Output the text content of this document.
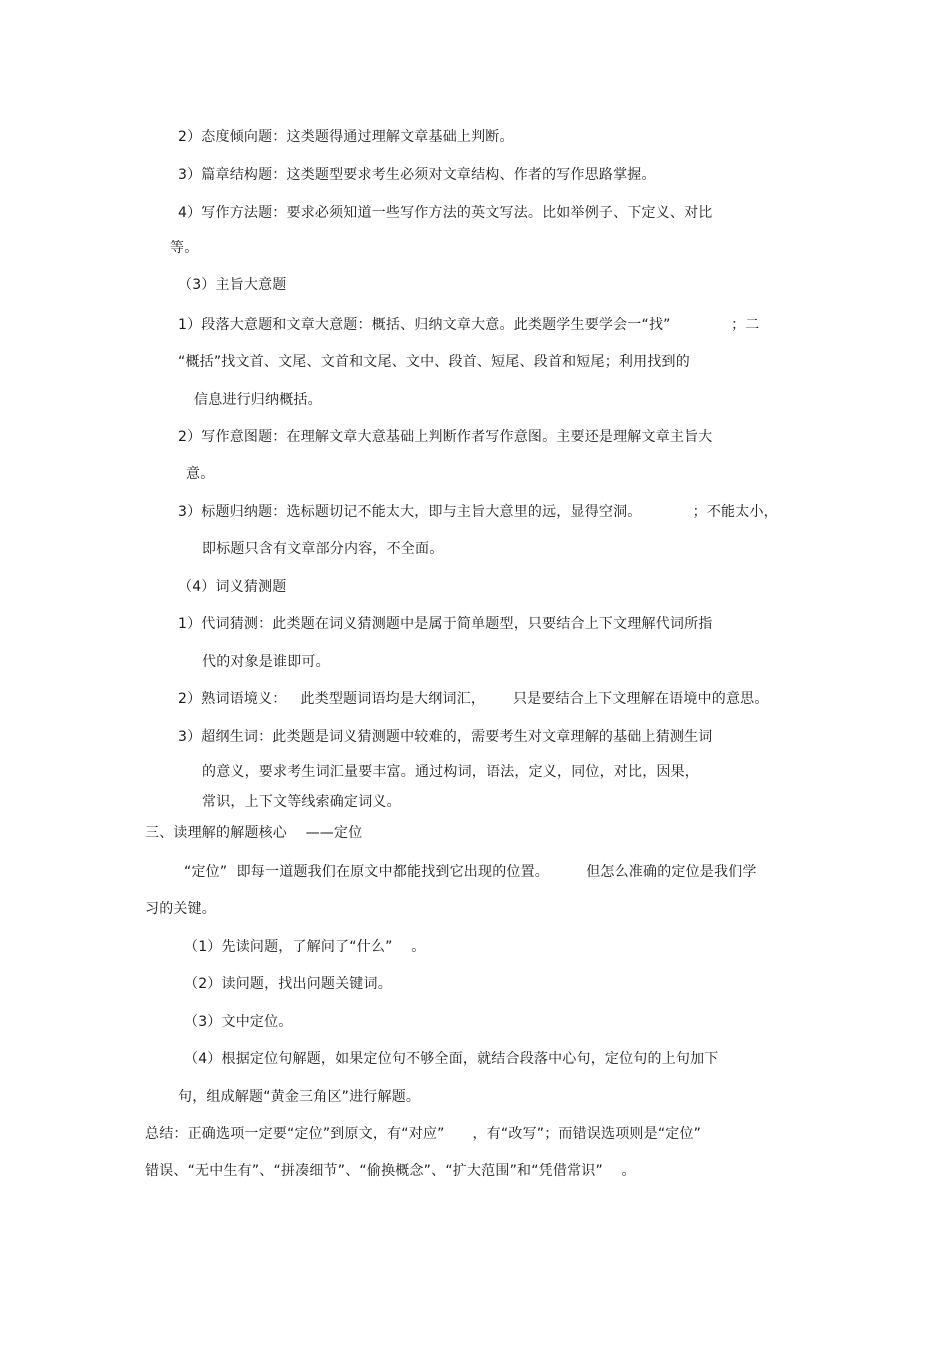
2）态度倾向题：这类题得通过理解文章基础上判断。
3）篇章结构题：这类题型要求考生必须对文章结构、作者的写作思路掌握。
4）写作方法题：要求必须知道一些写作方法的英文写法。比如举例子、下定义、对比
等。
（3）主旨大意题
1）段落大意题和文章大意题：概括、归纳文章大意。此类题学生要学会一“找”             ；二
“概括”找文首、文尾、文首和文尾、文中、段首、短尾、段首和短尾；利用找到的
信息进行归纳概括。
2）写作意图题：在理解文章大意基础上判断作者写作意图。主要还是理解文章主旨大
意。
3）标题归纳题：选标题切记不能太大，即与主旨大意里的远，显得空洞。           ；不能太小，
即标题只含有文章部分内容，不全面。
（4）词义猜测题
1）代词猜测：此类题在词义猜测题中是属于简单题型，只要结合上下文理解代词所指
代的对象是谁即可。
2）熟词语境义：   此类型题词语均是大纲词汇，      只是要结合上下文理解在语境中的意思。
3）超纲生词：此类题是词义猜测题中较难的，需要考生对文章理解的基础上猜测生词
的意义，要求考生词汇量要丰富。通过构词，语法，定义，同位，对比，因果，
常识，上下文等线索确定词义。
三、读理解的解题核心    ——定位
“定位”  即每一道题我们在原文中都能找到它出现的位置。        但怎么准确的定位是我们学
习的关键。
（1）先读问题，了解问了“什么”    。
（2）读问题，找出问题关键词。
（3）文中定位。
（4）根据定位句解题，如果定位句不够全面，就结合段落中心句，定位句的上句加下
句，组成解题“黄金三角区”进行解题。
总结：正确选项一定要“定位”到原文，有“对应”      ，有“改写”；而错误选项则是“定位”
错误、“无中生有”、“拼凑细节”、“偷换概念”、“扩大范围”和“凭借常识”    。
